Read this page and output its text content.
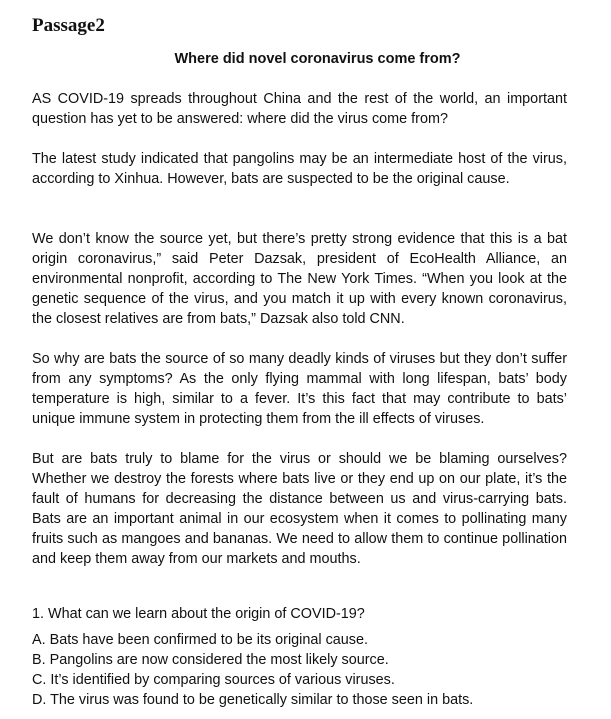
Passage2
Where did novel coronavirus come from?

AS COVID-19 spreads throughout China and the rest of the world, an important question has yet to be answered: where did the virus come from?

The latest study indicated that pangolins may be an intermediate host of the virus, according to Xinhua. However, bats are suspected to be the original cause.

We don’t know the source yet, but there’s pretty strong evidence that this is a bat origin coronavirus,” said Peter Dazsak, president of EcoHealth Alliance, an environmental nonprofit, according to The New York Times. “When you look at the genetic sequence of the virus, and you match it up with every known coronavirus, the closest relatives are from bats,” Dazsak also told CNN.

So why are bats the source of so many deadly kinds of viruses but they don’t suffer from any symptoms? As the only flying mammal with long lifespan, bats’ body temperature is high, similar to a fever. It’s this fact that may contribute to bats’ unique immune system in protecting them from the ill effects of viruses.

But are bats truly to blame for the virus or should we be blaming ourselves? Whether we destroy the forests where bats live or they end up on our plate, it’s the fault of humans for decreasing the distance between us and virus-carrying bats. Bats are an important animal in our ecosystem when it comes to pollinating many fruits such as mangoes and bananas. We need to allow them to continue pollination and keep them away from our markets and mouths.

1. What can we learn about the origin of COVID-19?

A. Bats have been confirmed to be its original cause.

B. Pangolins are now considered the most likely source.

C. It’s identified by comparing sources of various viruses.

D. The virus was found to be genetically similar to those seen in bats.
